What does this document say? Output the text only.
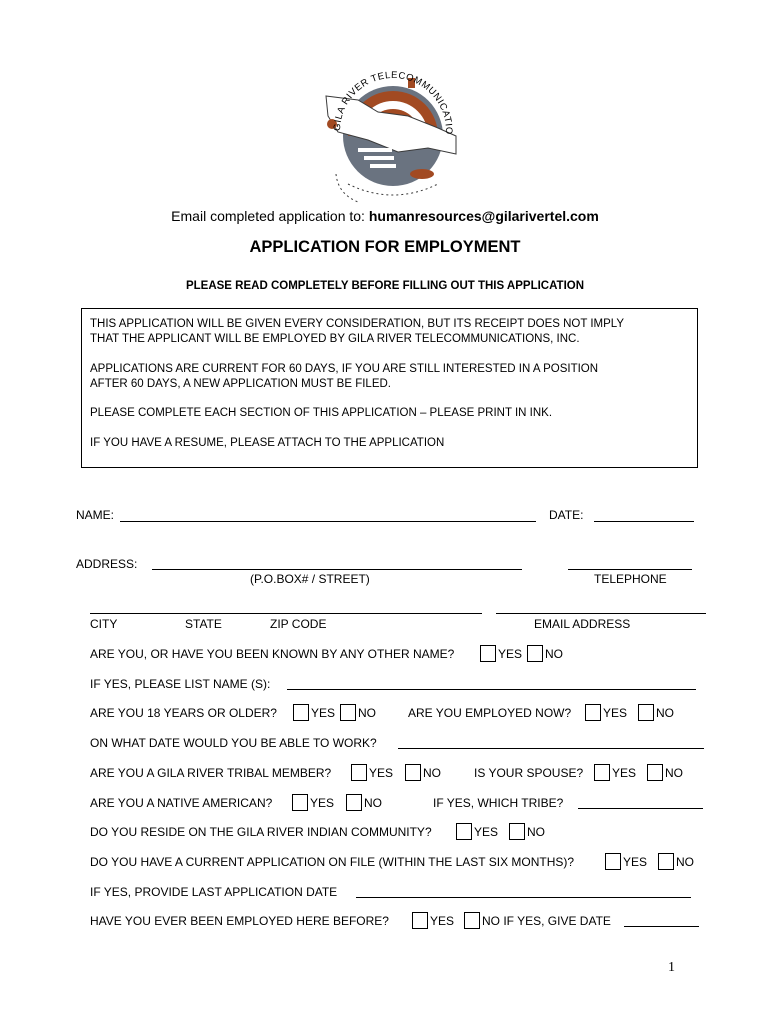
GILA RIVER TELECOMMUNICATIO
Email completed application to: humanresources@gilarivertel.com
APPLICATION FOR EMPLOYMENT
PLEASE READ COMPLETELY BEFORE FILLING OUT THIS APPLICATION

THIS APPLICATION WILL BE GIVEN EVERY CONSIDERATION, BUT ITS RECEIPT DOES NOT IMPLY

THAT THE APPLICANT WILL BE EMPLOYED BY GILA RIVER TELECOMMUNICATIONS, INC.

APPLICATIONS ARE CURRENT FOR 60 DAYS, IF YOU ARE STILL INTERESTED IN A POSITION

AFTER 60 DAYS, A NEW APPLICATION MUST BE FILED.

PLEASE COMPLETE EACH SECTION OF THIS APPLICATION – PLEASE PRINT IN INK.

IF YOU HAVE A RESUME, PLEASE ATTACH TO THE APPLICATION

NAME:	DATE:
ADDRESS:
(P.O.BOX# / STREET)	TELEPHONE
CITY	STATE	ZIP CODE	EMAIL ADDRESS
ARE YOU, OR HAVE YOU BEEN KNOWN BY ANY OTHER NAME?	YES NO
IF YES, PLEASE LIST NAME (S):
ARE YOU 18 YEARS OR OLDER?	YES NO	ARE YOU EMPLOYED NOW?	YES NO
ON WHAT DATE WOULD YOU BE ABLE TO WORK?
ARE YOU A GILA RIVER TRIBAL MEMBER?	YES NO	IS YOUR SPOUSE? YES NO
ARE YOU A NATIVE AMERICAN?	YES NO	IF YES, WHICH TRIBE?
DO YOU RESIDE ON THE GILA RIVER INDIAN COMMUNITY?	YES NO
DO YOU HAVE A CURRENT APPLICATION ON FILE (WITHIN THE LAST SIX MONTHS)?	YES NO
IF YES, PROVIDE LAST APPLICATION DATE
HAVE YOU EVER BEEN EMPLOYED HERE BEFORE?	YES NO IF YES, GIVE DATE
1
